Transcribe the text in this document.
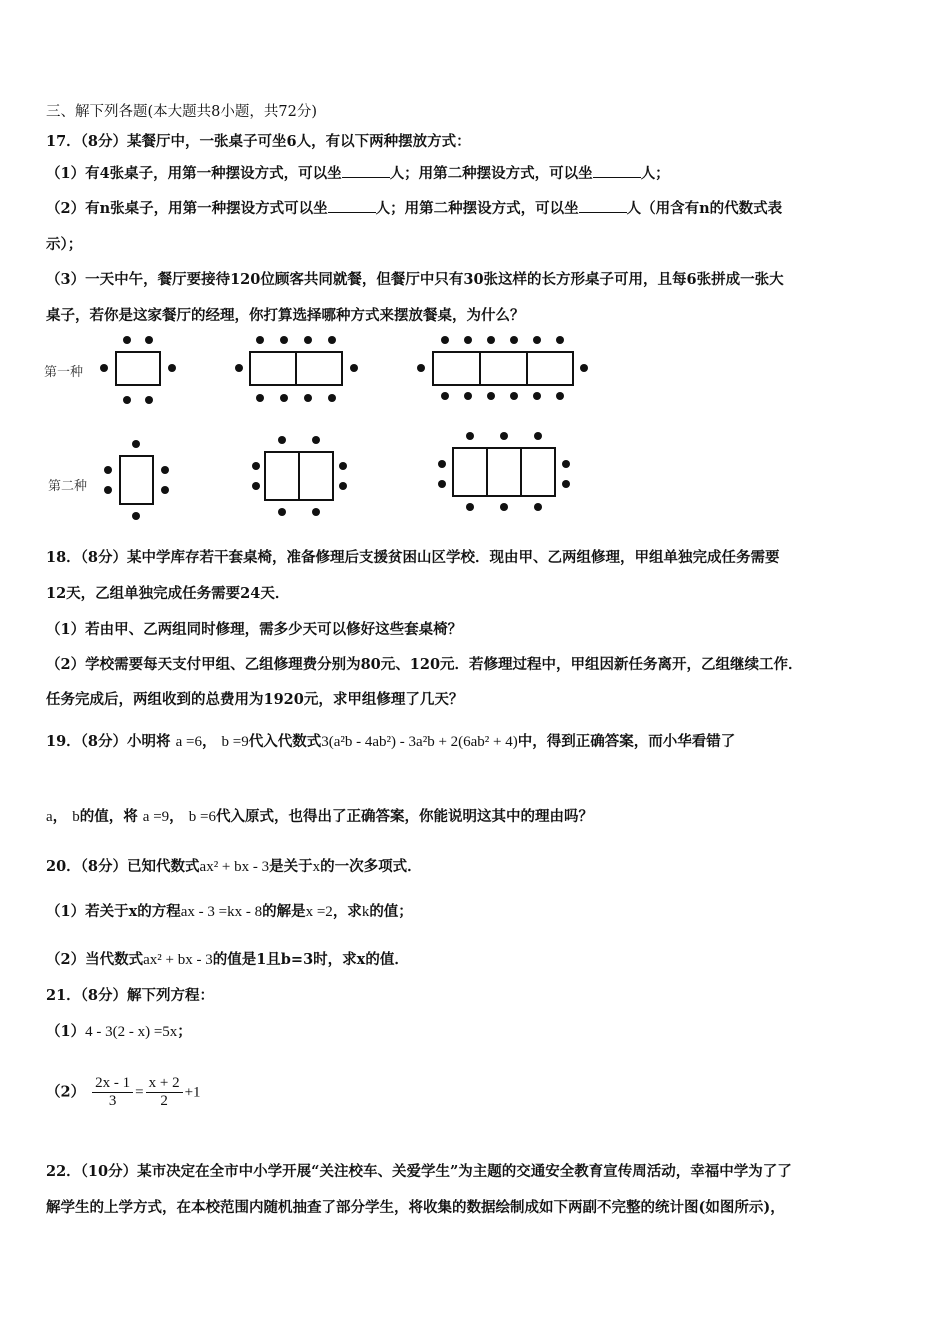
三、解下列各题(本大题共8小题，共72分)
17．（8分）某餐厅中，一张桌子可坐6人，有以下两种摆放方式：
（1）有4张桌子，用第一种摆设方式，可以坐	人；用第二种摆设方式，可以坐	人；
（2）有n张桌子，用第一种摆设方式可以坐	人；用第二种摆设方式，可以坐	人（用含有n的代数式表
示）；
（3）一天中午，餐厅要接待120位顾客共同就餐，但餐厅中只有30张这样的长方形桌子可用，且每6张拼成一张大
桌子，若你是这家餐厅的经理，你打算选择哪种方式来摆放餐桌，为什么？
第一种
第二种
18．（8分）某中学库存若干套桌椅，准备修理后支援贫困山区学校．现由甲、乙两组修理，甲组单独完成任务需要
12天，乙组单独完成任务需要24天．
（1）若由甲、乙两组同时修理，需多少天可以修好这些套桌椅？
（2）学校需要每天支付甲组、乙组修理费分别为80元、120元．若修理过程中，甲组因新任务离开，乙组继续工作．
任务完成后，两组收到的总费用为1920元，求甲组修理了几天？
19．（8分）小明将 a =6， b =9代入代数式3(a²b - 4ab²) - 3a²b + 2(6ab² + 4)中，得到正确答案，而小华看错了
a， b的值，将 a =9， b =6代入原式，也得出了正确答案，你能说明这其中的理由吗？
20．（8分）已知代数式ax² + bx - 3是关于x的一次多项式．
（1）若关于x的方程ax - 3 =kx - 8的解是x =2，求k的值；
（2）当代数式ax² + bx - 3的值是1且b=3时，求x的值．
21．（8分）解下列方程：
（1）4 - 3(2 - x) =5x；
$(2) \frac{2x - 1}{3} = \frac{x + 2}{2} +1$
22．（10分）某市决定在全市中小学开展“关注校车、关爱学生”为主题的交通安全教育宣传周活动，幸福中学为了了
解学生的上学方式，在本校范围内随机抽查了部分学生，将收集的数据绘制成如下两副不完整的统计图(如图所示)，
